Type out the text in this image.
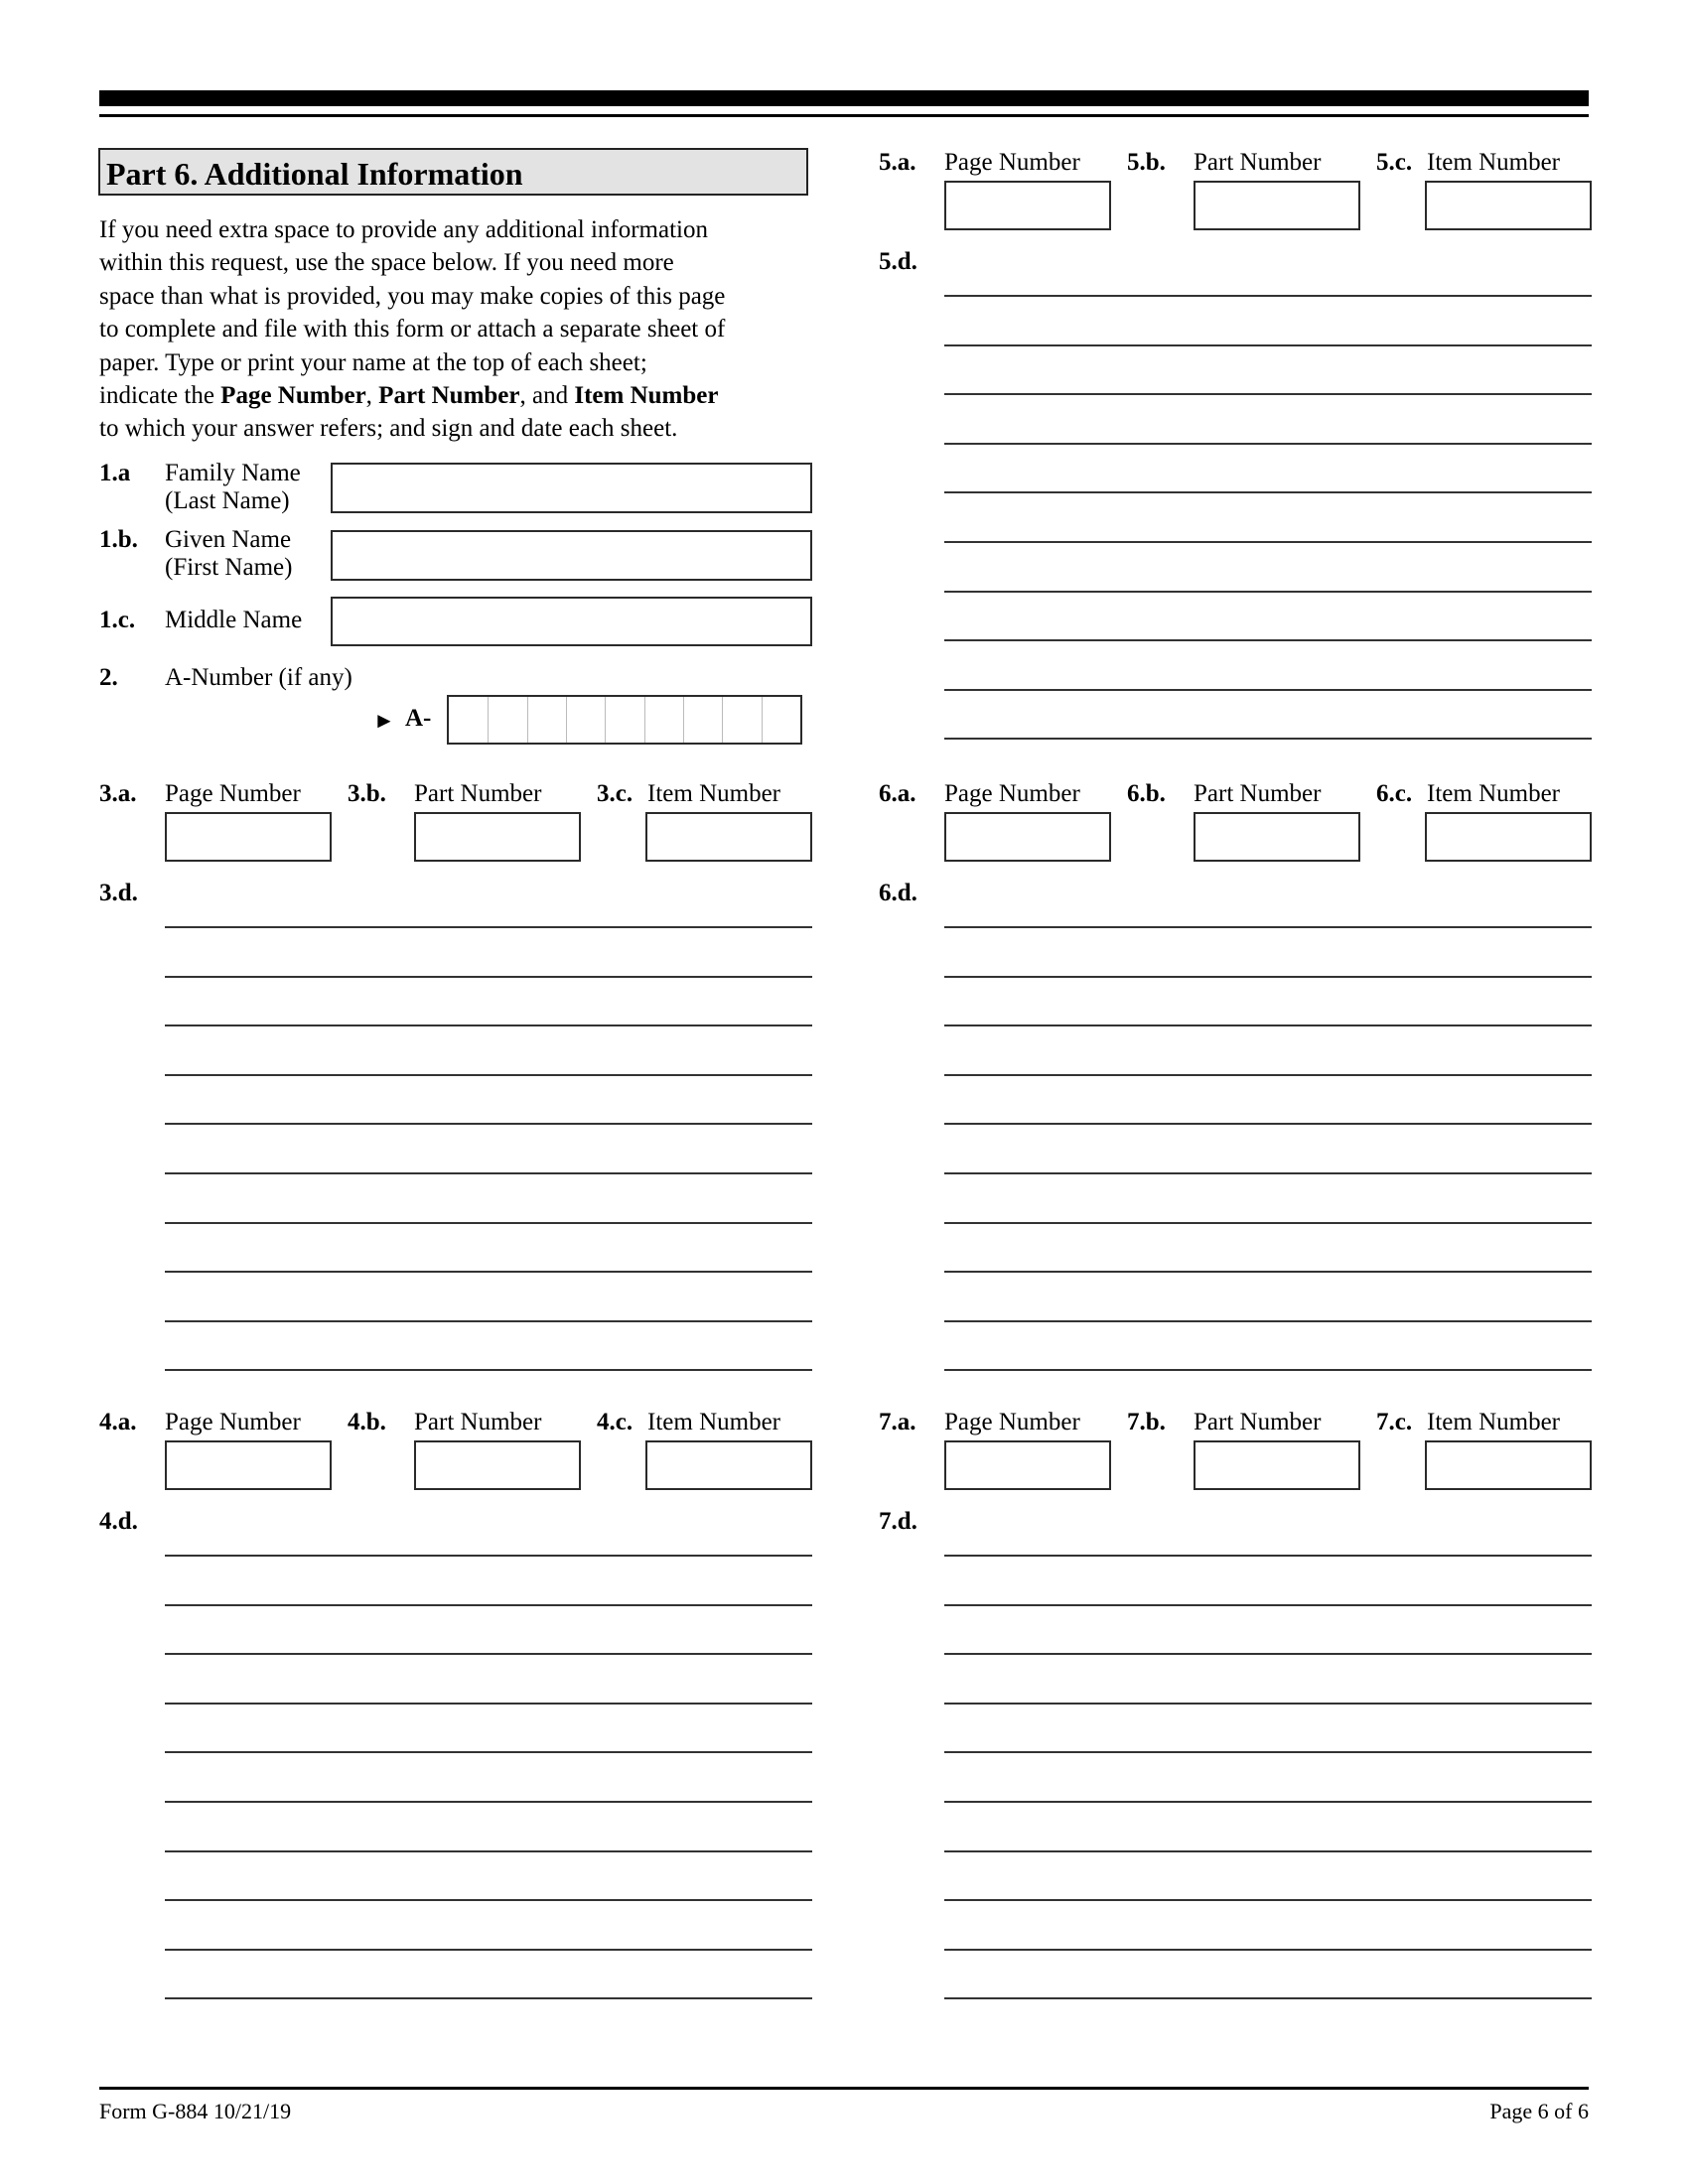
Part 6. Additional Information
If you need extra space to provide any additional information
within this request, use the space below. If you need more
space than what is provided, you may make copies of this page
to complete and file with this form or attach a separate sheet of
paper. Type or print your name at the top of each sheet;
indicate the Page Number, Part Number, and Item Number
to which your answer refers; and sign and date each sheet.
1.a Family Name
(Last Name)
1.b. Given Name
(First Name)
1.c. Middle Name
2. A-Number (if any)
► A-
3.a. Page Number 3.b. Part Number 3.c. Item Number
3.d.
4.a. Page Number 4.b. Part Number 4.c. Item Number
4.d.
5.a. Page Number 5.b. Part Number 5.c. Item Number
5.d.
6.a. Page Number 6.b. Part Number 6.c. Item Number
6.d.
7.a. Page Number 7.b. Part Number 7.c. Item Number
7.d.
Form G-884 10/21/19	Page 6 of 6
